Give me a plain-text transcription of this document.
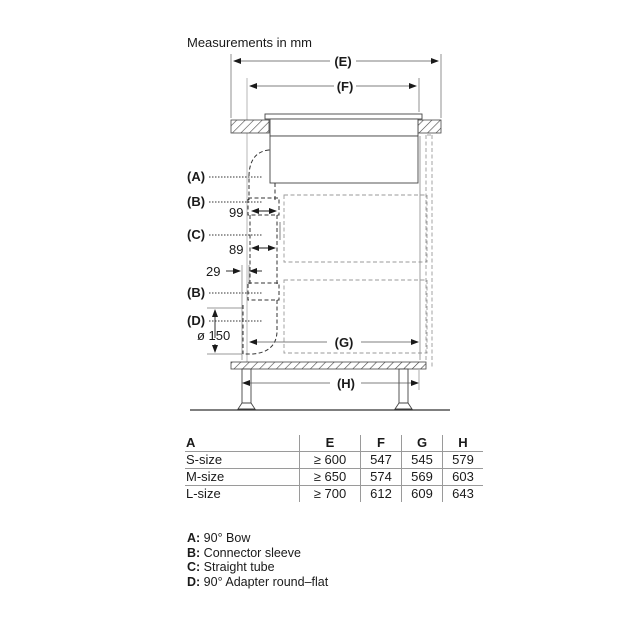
Measurements in mm
(E)
(F)
(A)
(B)
(C)
(B)
(D)
99
89
29
ø 150	(G)
(H)
A	E	F	G	H
S-size	≥ 600	547	545	579
M-size	≥ 650	574	569	603
L-size	≥ 700	612	609	643
A: 90° Bow
B: Connector sleeve
C: Straight tube
D: 90° Adapter round–flat
